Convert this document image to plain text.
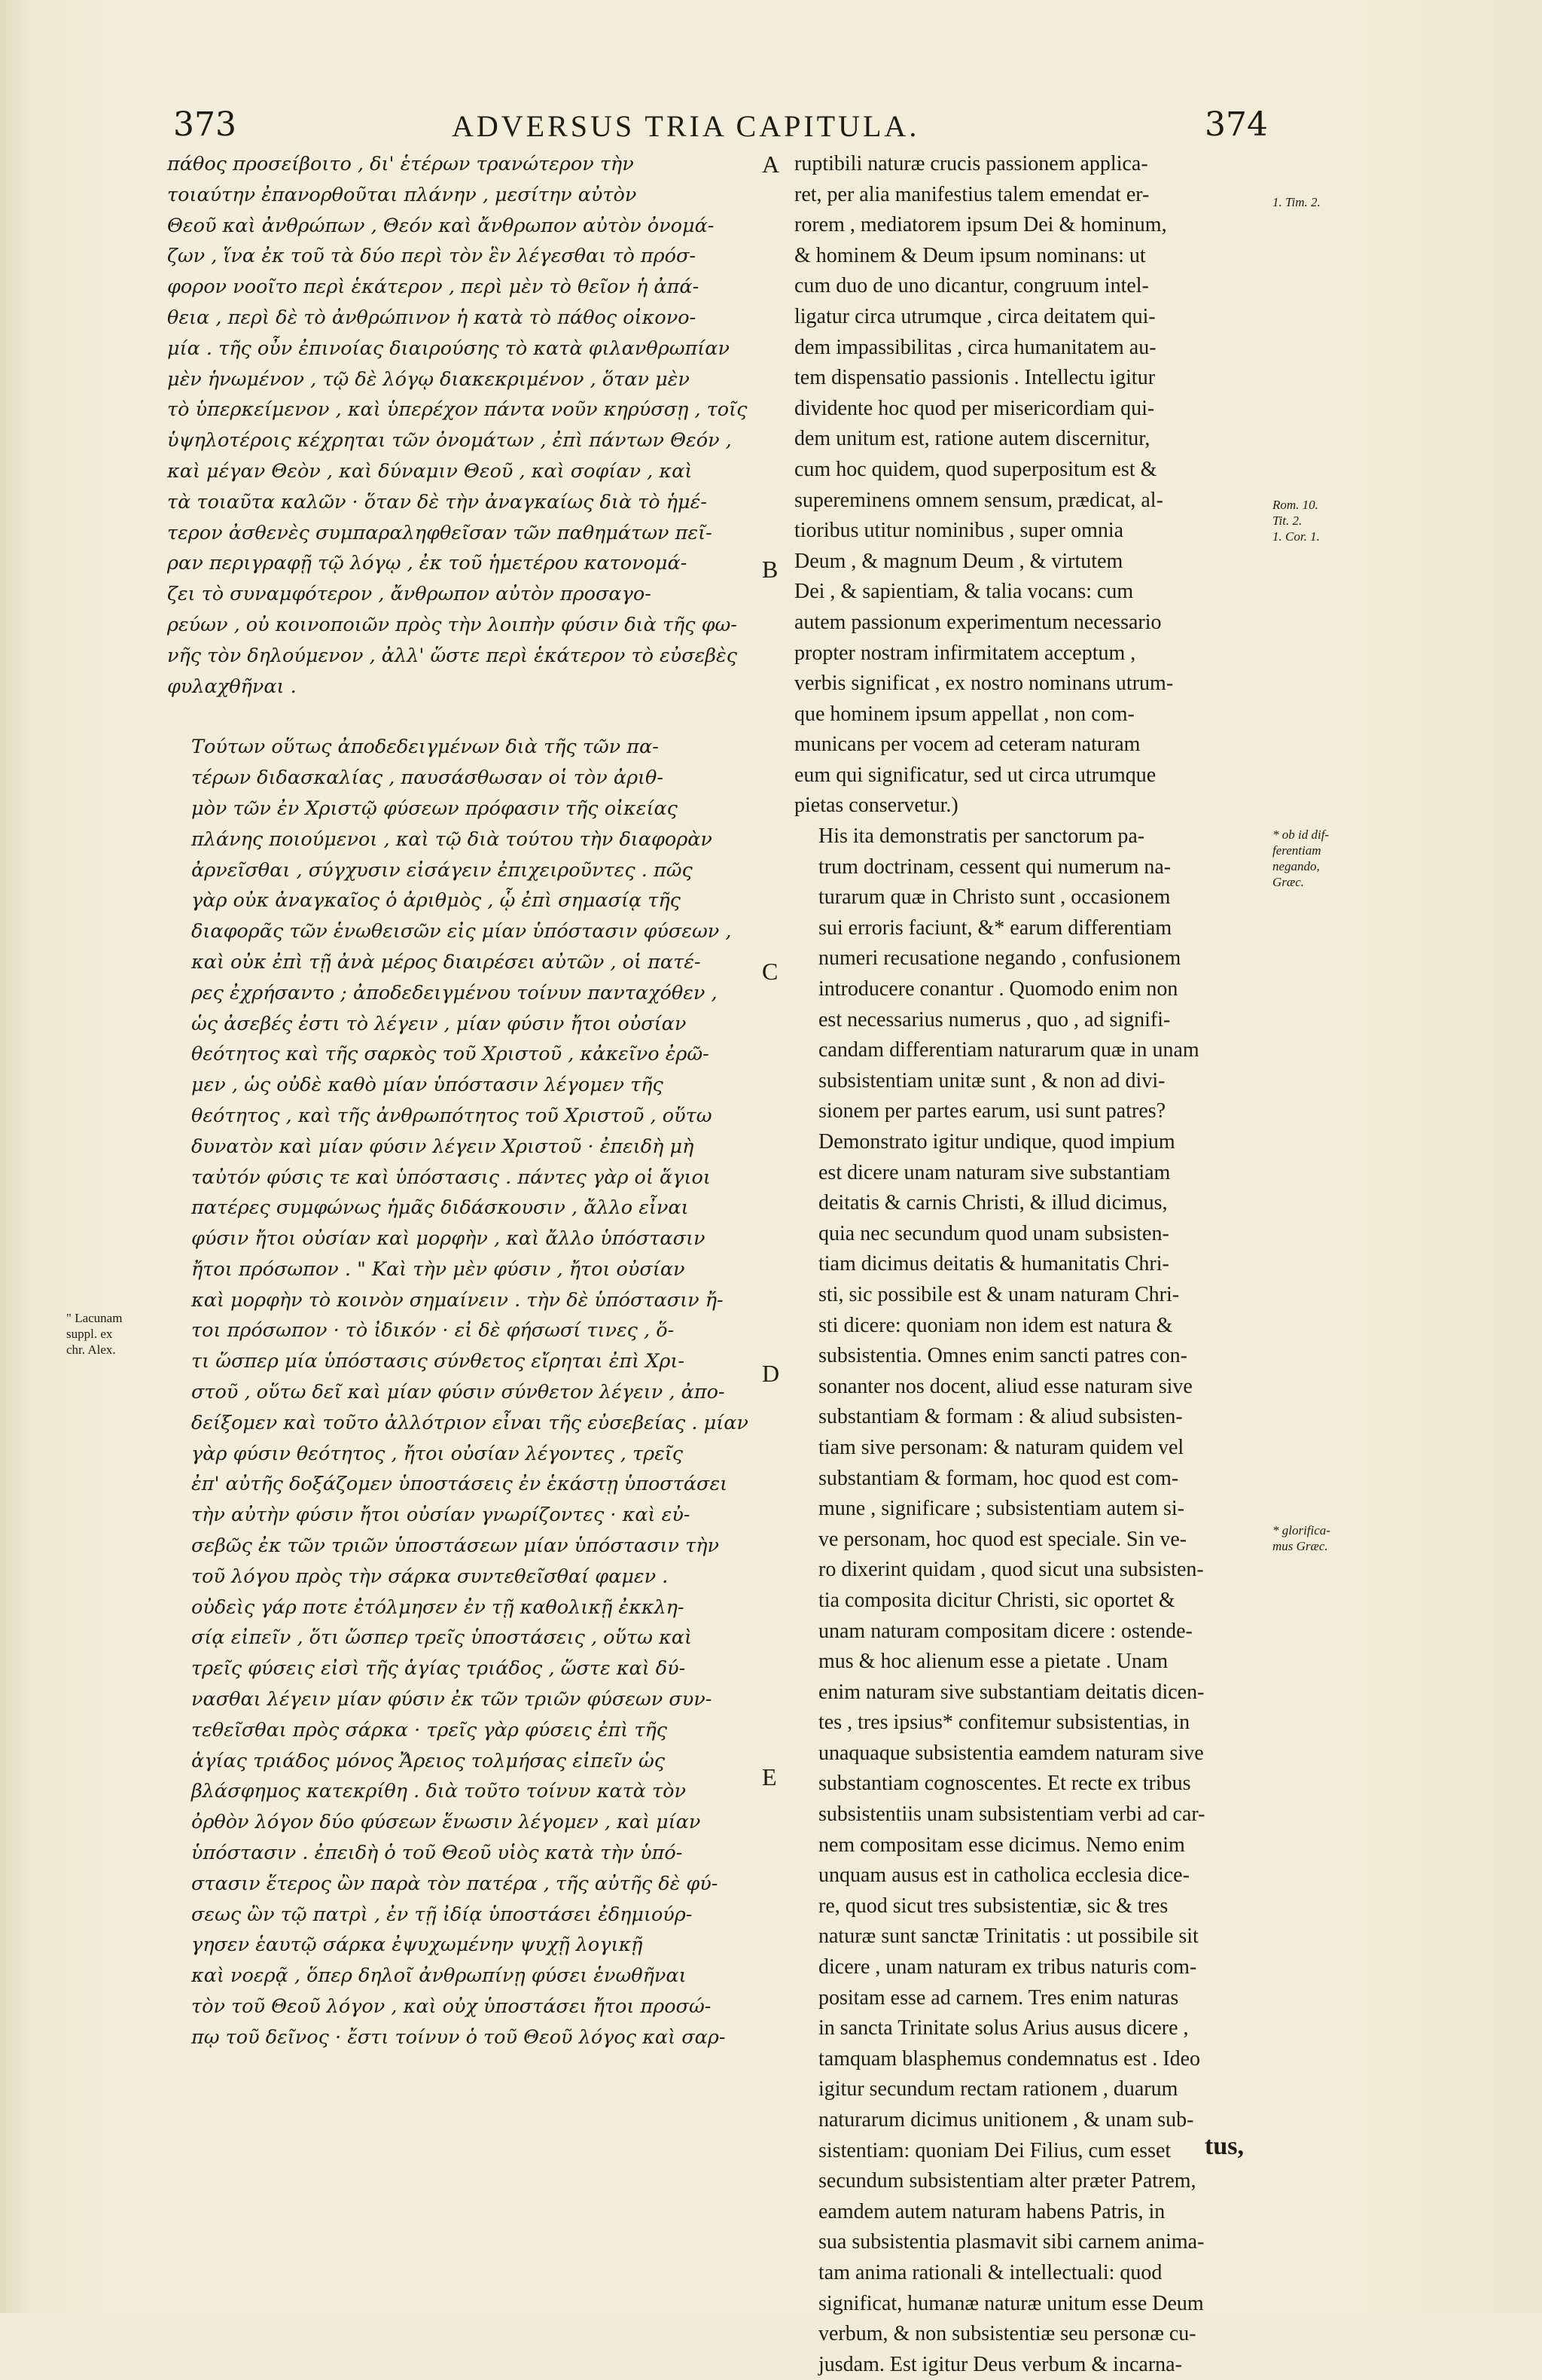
373	ADVERSUS TRIA CAPITULA.	374

πάθος προσείβοιτο , δι' ἑτέρων τρανώτερον τὴν
τοιαύτην ἐπανορθοῦται πλάνην , μεσίτην αὐτὸν
Θεοῦ καὶ ἀνθρώπων , Θεόν καὶ ἄνθρωπον αὐτὸν ὀνομά-
ζων , ἵνα ἐκ τοῦ τὰ δύο περὶ τὸν ἓν λέγεσθαι τὸ πρόσ-
φορον νοοῖτο περὶ ἑκάτερον , περὶ μὲν τὸ θεῖον ἡ ἀπά-
θεια , περὶ δὲ τὸ ἀνθρώπινον ἡ κατὰ τὸ πάθος οἰκονο-
μία . τῆς οὖν ἐπινοίας διαιρούσης τὸ κατὰ φιλανθρωπίαν
μὲν ἡνωμένον , τῷ δὲ λόγῳ διακεκριμένον , ὅταν μὲν
τὸ ὑπερκείμενον , καὶ ὑπερέχον πάντα νοῦν κηρύσσῃ , τοῖς
ὑψηλοτέροις κέχρηται τῶν ὀνομάτων , ἐπὶ πάντων Θεόν ,
καὶ μέγαν Θεὸν , καὶ δύναμιν Θεοῦ , καὶ σοφίαν , καὶ
τὰ τοιαῦτα καλῶν · ὅταν δὲ τὴν ἀναγκαίως διὰ τὸ ἡμέ-
τερον ἀσθενὲς συμπαραληφθεῖσαν τῶν παθημάτων πεῖ-
ραν περιγραφῇ τῷ λόγῳ , ἐκ τοῦ ἡμετέρου κατονομά-
ζει τὸ συναμφότερον , ἄνθρωπον αὐτὸν προσαγο-
ρεύων , οὐ κοινοποιῶν πρὸς τὴν λοιπὴν φύσιν διὰ τῆς φω-
νῆς τὸν δηλούμενον , ἀλλ' ὥστε περὶ ἑκάτερον τὸ εὐσεβὲς
φυλαχθῆναι .

Τούτων οὕτως ἀποδεδειγμένων διὰ τῆς τῶν πα-
τέρων διδασκαλίας , παυσάσθωσαν οἱ τὸν ἀριθ-
μὸν τῶν ἐν Χριστῷ φύσεων πρόφασιν τῆς οἰκείας
πλάνης ποιούμενοι , καὶ τῷ διὰ τούτου τὴν διαφορὰν
ἀρνεῖσθαι , σύγχυσιν εἰσάγειν ἐπιχειροῦντες . πῶς
γὰρ οὐκ ἀναγκαῖος ὁ ἀριθμὸς , ᾧ ἐπὶ σημασίᾳ τῆς
διαφορᾶς τῶν ἑνωθεισῶν εἰς μίαν ὑπόστασιν φύσεων ,
καὶ οὐκ ἐπὶ τῇ ἀνὰ μέρος διαιρέσει αὐτῶν , οἱ πατέ-
ρες ἐχρήσαντο ; ἀποδεδειγμένου τοίνυν πανταχόθεν ,
ὡς ἀσεβές ἐστι τὸ λέγειν , μίαν φύσιν ἤτοι οὐσίαν
θεότητος καὶ τῆς σαρκὸς τοῦ Χριστοῦ , κἀκεῖνο ἐρῶ-
μεν , ὡς οὐδὲ καθὸ μίαν ὑπόστασιν λέγομεν τῆς
θεότητος , καὶ τῆς ἀνθρωπότητος τοῦ Χριστοῦ , οὕτω
δυνατὸν καὶ μίαν φύσιν λέγειν Χριστοῦ · ἐπειδὴ μὴ
ταὐτόν φύσις τε καὶ ὑπόστασις . πάντες γὰρ οἱ ἅγιοι
πατέρες συμφώνως ἡμᾶς διδάσκουσιν , ἄλλο εἶναι
φύσιν ἤτοι οὐσίαν καὶ μορφὴν , καὶ ἄλλο ὑπόστασιν
ἤτοι πρόσωπον . " Καὶ τὴν μὲν φύσιν , ἤτοι οὐσίαν
καὶ μορφὴν τὸ κοινὸν σημαίνειν . τὴν δὲ ὑπόστασιν ἤ-
τοι πρόσωπον · τὸ ἰδικόν · εἰ δὲ φήσωσί τινες , ὅ-
τι ὥσπερ μία ὑπόστασις σύνθετος εἴρηται ἐπὶ Χρι-
στοῦ , οὕτω δεῖ καὶ μίαν φύσιν σύνθετον λέγειν , ἀπο-
δείξομεν καὶ τοῦτο ἀλλότριον εἶναι τῆς εὐσεβείας . μίαν
γὰρ φύσιν θεότητος , ἤτοι οὐσίαν λέγοντες , τρεῖς
ἐπ' αὐτῆς δοξάζομεν ὑποστάσεις ἐν ἑκάστῃ ὑποστάσει
τὴν αὐτὴν φύσιν ἤτοι οὐσίαν γνωρίζοντες · καὶ εὐ-
σεβῶς ἐκ τῶν τριῶν ὑποστάσεων μίαν ὑπόστασιν τὴν
τοῦ λόγου πρὸς τὴν σάρκα συντεθεῖσθαί φαμεν .
οὐδεὶς γάρ ποτε ἐτόλμησεν ἐν τῇ καθολικῇ ἐκκλη-
σίᾳ εἰπεῖν , ὅτι ὥσπερ τρεῖς ὑποστάσεις , οὕτω καὶ
τρεῖς φύσεις εἰσὶ τῆς ἁγίας τριάδος , ὥστε καὶ δύ-
νασθαι λέγειν μίαν φύσιν ἐκ τῶν τριῶν φύσεων συν-
τεθεῖσθαι πρὸς σάρκα · τρεῖς γὰρ φύσεις ἐπὶ τῆς
ἁγίας τριάδος μόνος Ἄρειος τολμήσας εἰπεῖν ὡς
βλάσφημος κατεκρίθη . διὰ τοῦτο τοίνυν κατὰ τὸν
ὀρθὸν λόγον δύο φύσεων ἕνωσιν λέγομεν , καὶ μίαν
ὑπόστασιν . ἐπειδὴ ὁ τοῦ Θεοῦ υἱὸς κατὰ τὴν ὑπό-
στασιν ἕτερος ὢν παρὰ τὸν πατέρα , τῆς αὐτῆς δὲ φύ-
σεως ὢν τῷ πατρὶ , ἐν τῇ ἰδίᾳ ὑποστάσει ἐδημιούρ-
γησεν ἑαυτῷ σάρκα ἐψυχωμένην ψυχῇ λογικῇ
καὶ νοερᾷ , ὅπερ δηλοῖ ἀνθρωπίνῃ φύσει ἑνωθῆναι
τὸν τοῦ Θεοῦ λόγον , καὶ οὐχ ὑποστάσει ἤτοι προσώ-
πῳ τοῦ δεῖνος · ἔστι τοίνυν ὁ τοῦ Θεοῦ λόγος καὶ σαρ-

A
B
C
D
E

ruptibili naturæ crucis passionem applica-
ret, per alia manifestius talem emendat er-
rorem , mediatorem ipsum Dei & hominum,
& hominem & Deum ipsum nominans: ut
cum duo de uno dicantur, congruum intel-
ligatur circa utrumque , circa deitatem qui-
dem impassibilitas , circa humanitatem au-
tem dispensatio passionis . Intellectu igitur
dividente hoc quod per misericordiam qui-
dem unitum est, ratione autem discernitur,
cum hoc quidem, quod superpositum est &
supereminens omnem sensum, prædicat, al-
tioribus utitur nominibus , super omnia
Deum , & magnum Deum , & virtutem
Dei , & sapientiam, & talia vocans: cum
autem passionum experimentum necessario
propter nostram infirmitatem acceptum ,
verbis significat , ex nostro nominans utrum-
que hominem ipsum appellat , non com-
municans per vocem ad ceteram naturam
eum qui significatur, sed ut circa utrumque
pietas conservetur.)

His ita demonstratis per sanctorum pa-
trum doctrinam, cessent qui numerum na-
turarum quæ in Christo sunt , occasionem
sui erroris faciunt, &* earum differentiam
numeri recusatione negando , confusionem
introducere conantur . Quomodo enim non
est necessarius numerus , quo , ad signifi-
candam differentiam naturarum quæ in unam
subsistentiam unitæ sunt , & non ad divi-
sionem per partes earum, usi sunt patres?
Demonstrato igitur undique, quod impium
est dicere unam naturam sive substantiam
deitatis & carnis Christi, & illud dicimus,
quia nec secundum quod unam subsisten-
tiam dicimus deitatis & humanitatis Chri-
sti, sic possibile est & unam naturam Chri-
sti dicere: quoniam non idem est natura &
subsistentia. Omnes enim sancti patres con-
sonanter nos docent, aliud esse naturam sive
substantiam & formam : & aliud subsisten-
tiam sive personam: & naturam quidem vel
substantiam & formam, hoc quod est com-
mune , significare ; subsistentiam autem si-
ve personam, hoc quod est speciale. Sin ve-
ro dixerint quidam , quod sicut una subsisten-
tia composita dicitur Christi, sic oportet &
unam naturam compositam dicere : ostende-
mus & hoc alienum esse a pietate . Unam
enim naturam sive substantiam deitatis dicen-
tes , tres ipsius* confitemur subsistentias, in
unaquaque subsistentia eamdem naturam sive
substantiam cognoscentes. Et recte ex tribus
subsistentiis unam subsistentiam verbi ad car-
nem compositam esse dicimus. Nemo enim
unquam ausus est in catholica ecclesia dice-
re, quod sicut tres subsistentiæ, sic & tres
naturæ sunt sanctæ Trinitatis : ut possibile sit
dicere , unam naturam ex tribus naturis com-
positam esse ad carnem. Tres enim naturas
in sancta Trinitate solus Arius ausus dicere ,
tamquam blasphemus condemnatus est . Ideo
igitur secundum rectam rationem , duarum
naturarum dicimus unitionem , & unam sub-
sistentiam: quoniam Dei Filius, cum esset
secundum subsistentiam alter præter Patrem,
eamdem autem naturam habens Patris, in
sua subsistentia plasmavit sibi carnem anima-
tam anima rationali & intellectuali: quod
significat, humanæ naturæ unitum esse Deum
verbum, & non subsistentiæ seu personæ cu-
jusdam. Est igitur Deus verbum & incarna-

1. Tim. 2.
Rom. 10.
Tit. 2.
1. Cor. 1.
* ob id dif-
ferentiam
negando,
Græc.
* glorifica-
mus Græc.
" Lacunam
suppl. ex
chr. Alex.
tus,
